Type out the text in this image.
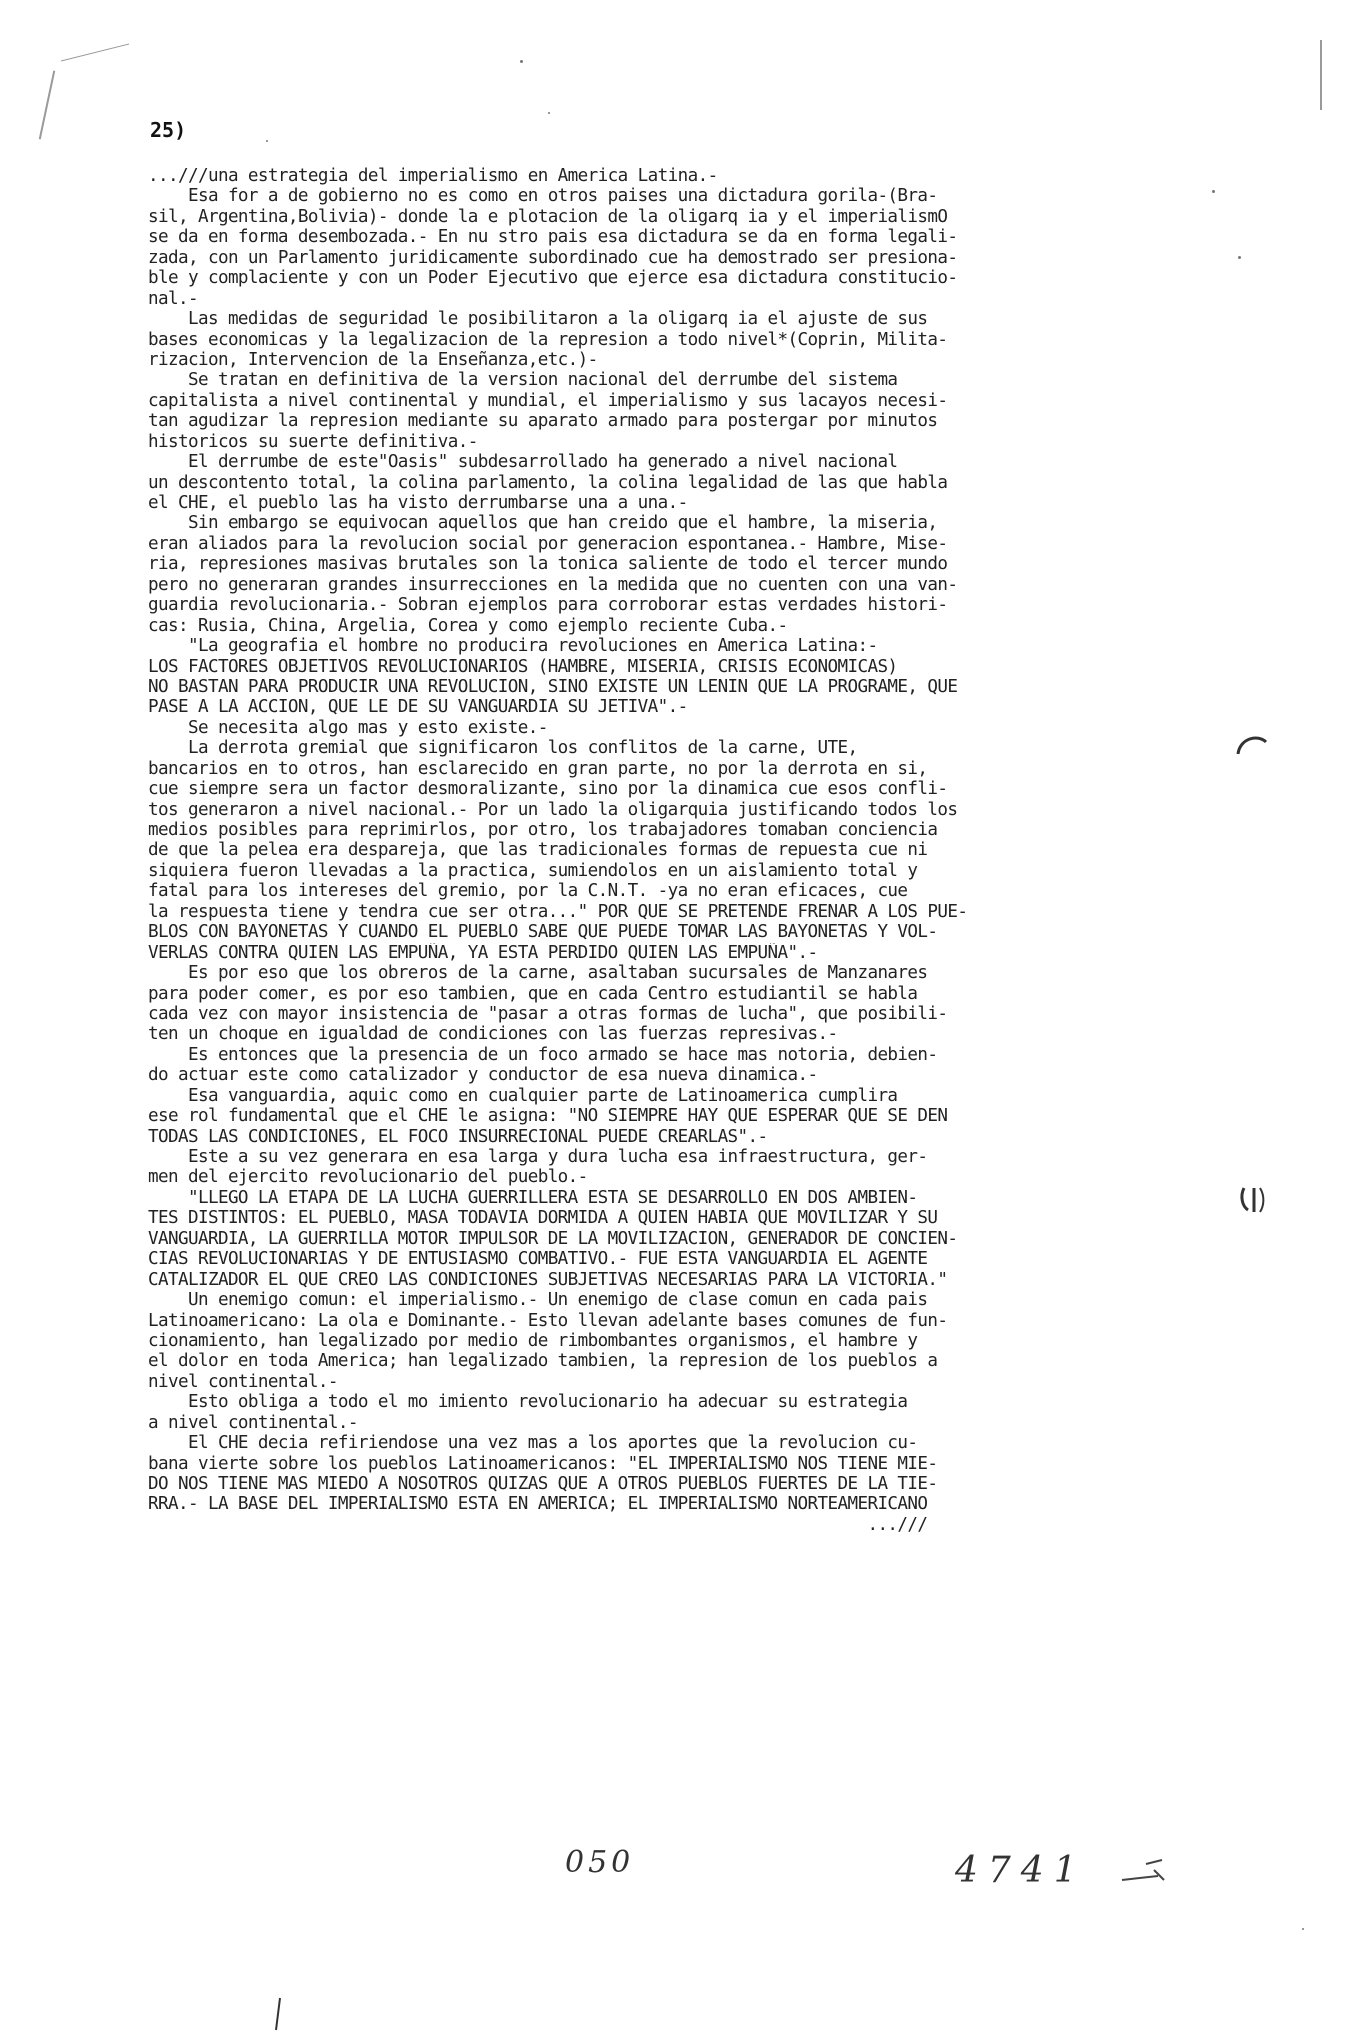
25)
...///una estrategia del imperialismo en America Latina.-
Esa for a de gobierno no es como en otros paises una dictadura gorila-(Bra-
sil, Argentina,Bolivia)- donde la e plotacion de la oligarq ia y el imperialismO
se da en forma desembozada.- En nu stro pais esa dictadura se da en forma legali-
zada, con un Parlamento juridicamente subordinado cue ha demostrado ser presiona-
ble y complaciente y con un Poder Ejecutivo que ejerce esa dictadura constitucio-
nal.-
Las medidas de seguridad le posibilitaron a la oligarq ia el ajuste de sus
bases economicas y la legalizacion de la represion a todo nivel*(Coprin, Milita-
rizacion, Intervencion de la Enseñanza,etc.)-
Se tratan en definitiva de la version nacional del derrumbe del sistema
capitalista a nivel continental y mundial, el imperialismo y sus lacayos necesi-
tan agudizar la represion mediante su aparato armado para postergar por minutos
historicos su suerte definitiva.-
El derrumbe de este"Oasis" subdesarrollado ha generado a nivel nacional
un descontento total, la colina parlamento, la colina legalidad de las que habla
el CHE, el pueblo las ha visto derrumbarse una a una.-
Sin embargo se equivocan aquellos que han creido que el hambre, la miseria,
eran aliados para la revolucion social por generacion espontanea.- Hambre, Mise-
ria, represiones masivas brutales son la tonica saliente de todo el tercer mundo
pero no generaran grandes insurrecciones en la medida que no cuenten con una van-
guardia revolucionaria.- Sobran ejemplos para corroborar estas verdades histori-
cas: Rusia, China, Argelia, Corea y como ejemplo reciente Cuba.-
"La geografia el hombre no producira revoluciones en America Latina:-
LOS FACTORES OBJETIVOS REVOLUCIONARIOS (HAMBRE, MISERIA, CRISIS ECONOMICAS)
NO BASTAN PARA PRODUCIR UNA REVOLUCION, SINO EXISTE UN LENIN QUE LA PROGRAME, QUE
PASE A LA ACCION, QUE LE DE SU VANGUARDIA SU JETIVA".-
Se necesita algo mas y esto existe.-
La derrota gremial que significaron los conflitos de la carne, UTE,
bancarios en to otros, han esclarecido en gran parte, no por la derrota en si,
cue siempre sera un factor desmoralizante, sino por la dinamica cue esos confli-
tos generaron a nivel nacional.- Por un lado la oligarquia justificando todos los
medios posibles para reprimirlos, por otro, los trabajadores tomaban conciencia
de que la pelea era despareja, que las tradicionales formas de repuesta cue ni
siquiera fueron llevadas a la practica, sumiendolos en un aislamiento total y
fatal para los intereses del gremio, por la C.N.T. -ya no eran eficaces, cue
la respuesta tiene y tendra cue ser otra..." POR QUE SE PRETENDE FRENAR A LOS PUE-
BLOS CON BAYONETAS Y CUANDO EL PUEBLO SABE QUE PUEDE TOMAR LAS BAYONETAS Y VOL-
VERLAS CONTRA QUIEN LAS EMPUÑA, YA ESTA PERDIDO QUIEN LAS EMPUÑA".-
Es por eso que los obreros de la carne, asaltaban sucursales de Manzanares
para poder comer, es por eso tambien, que en cada Centro estudiantil se habla
cada vez con mayor insistencia de "pasar a otras formas de lucha", que posibili-
ten un choque en igualdad de condiciones con las fuerzas represivas.-
Es entonces que la presencia de un foco armado se hace mas notoria, debien-
do actuar este como catalizador y conductor de esa nueva dinamica.-
Esa vanguardia, aquic como en cualquier parte de Latinoamerica cumplira
ese rol fundamental que el CHE le asigna: "NO SIEMPRE HAY QUE ESPERAR QUE SE DEN
TODAS LAS CONDICIONES, EL FOCO INSURRECIONAL PUEDE CREARLAS".-
Este a su vez generara en esa larga y dura lucha esa infraestructura, ger-
men del ejercito revolucionario del pueblo.-
"LLEGO LA ETAPA DE LA LUCHA GUERRILLERA ESTA SE DESARROLLO EN DOS AMBIEN-
TES DISTINTOS: EL PUEBLO, MASA TODAVIA DORMIDA A QUIEN HABIA QUE MOVILIZAR Y SU
VANGUARDIA, LA GUERRILLA MOTOR IMPULSOR DE LA MOVILIZACION, GENERADOR DE CONCIEN-
CIAS REVOLUCIONARIAS Y DE ENTUSIASMO COMBATIVO.- FUE ESTA VANGUARDIA EL AGENTE
CATALIZADOR EL QUE CREO LAS CONDICIONES SUBJETIVAS NECESARIAS PARA LA VICTORIA."
Un enemigo comun: el imperialismo.- Un enemigo de clase comun en cada pais
Latinoamericano: La ola e Dominante.- Esto llevan adelante bases comunes de fun-
cionamiento, han legalizado por medio de rimbombantes organismos, el hambre y
el dolor en toda America; han legalizado tambien, la represion de los pueblos a
nivel continental.-
Esto obliga a todo el mo imiento revolucionario ha adecuar su estrategia
a nivel continental.-
El CHE decia refiriendose una vez mas a los aportes que la revolucion cu-
bana vierte sobre los pueblos Latinoamericanos: "EL IMPERIALISMO NOS TIENE MIE-
DO NOS TIENE MAS MIEDO A NOSOTROS QUIZAS QUE A OTROS PUEBLOS FUERTES DE LA TIE-
RRA.- LA BASE DEL IMPERIALISMO ESTA EN AMERICA; EL IMPERIALISMO NORTEAMERICANO
...///
050	4741
